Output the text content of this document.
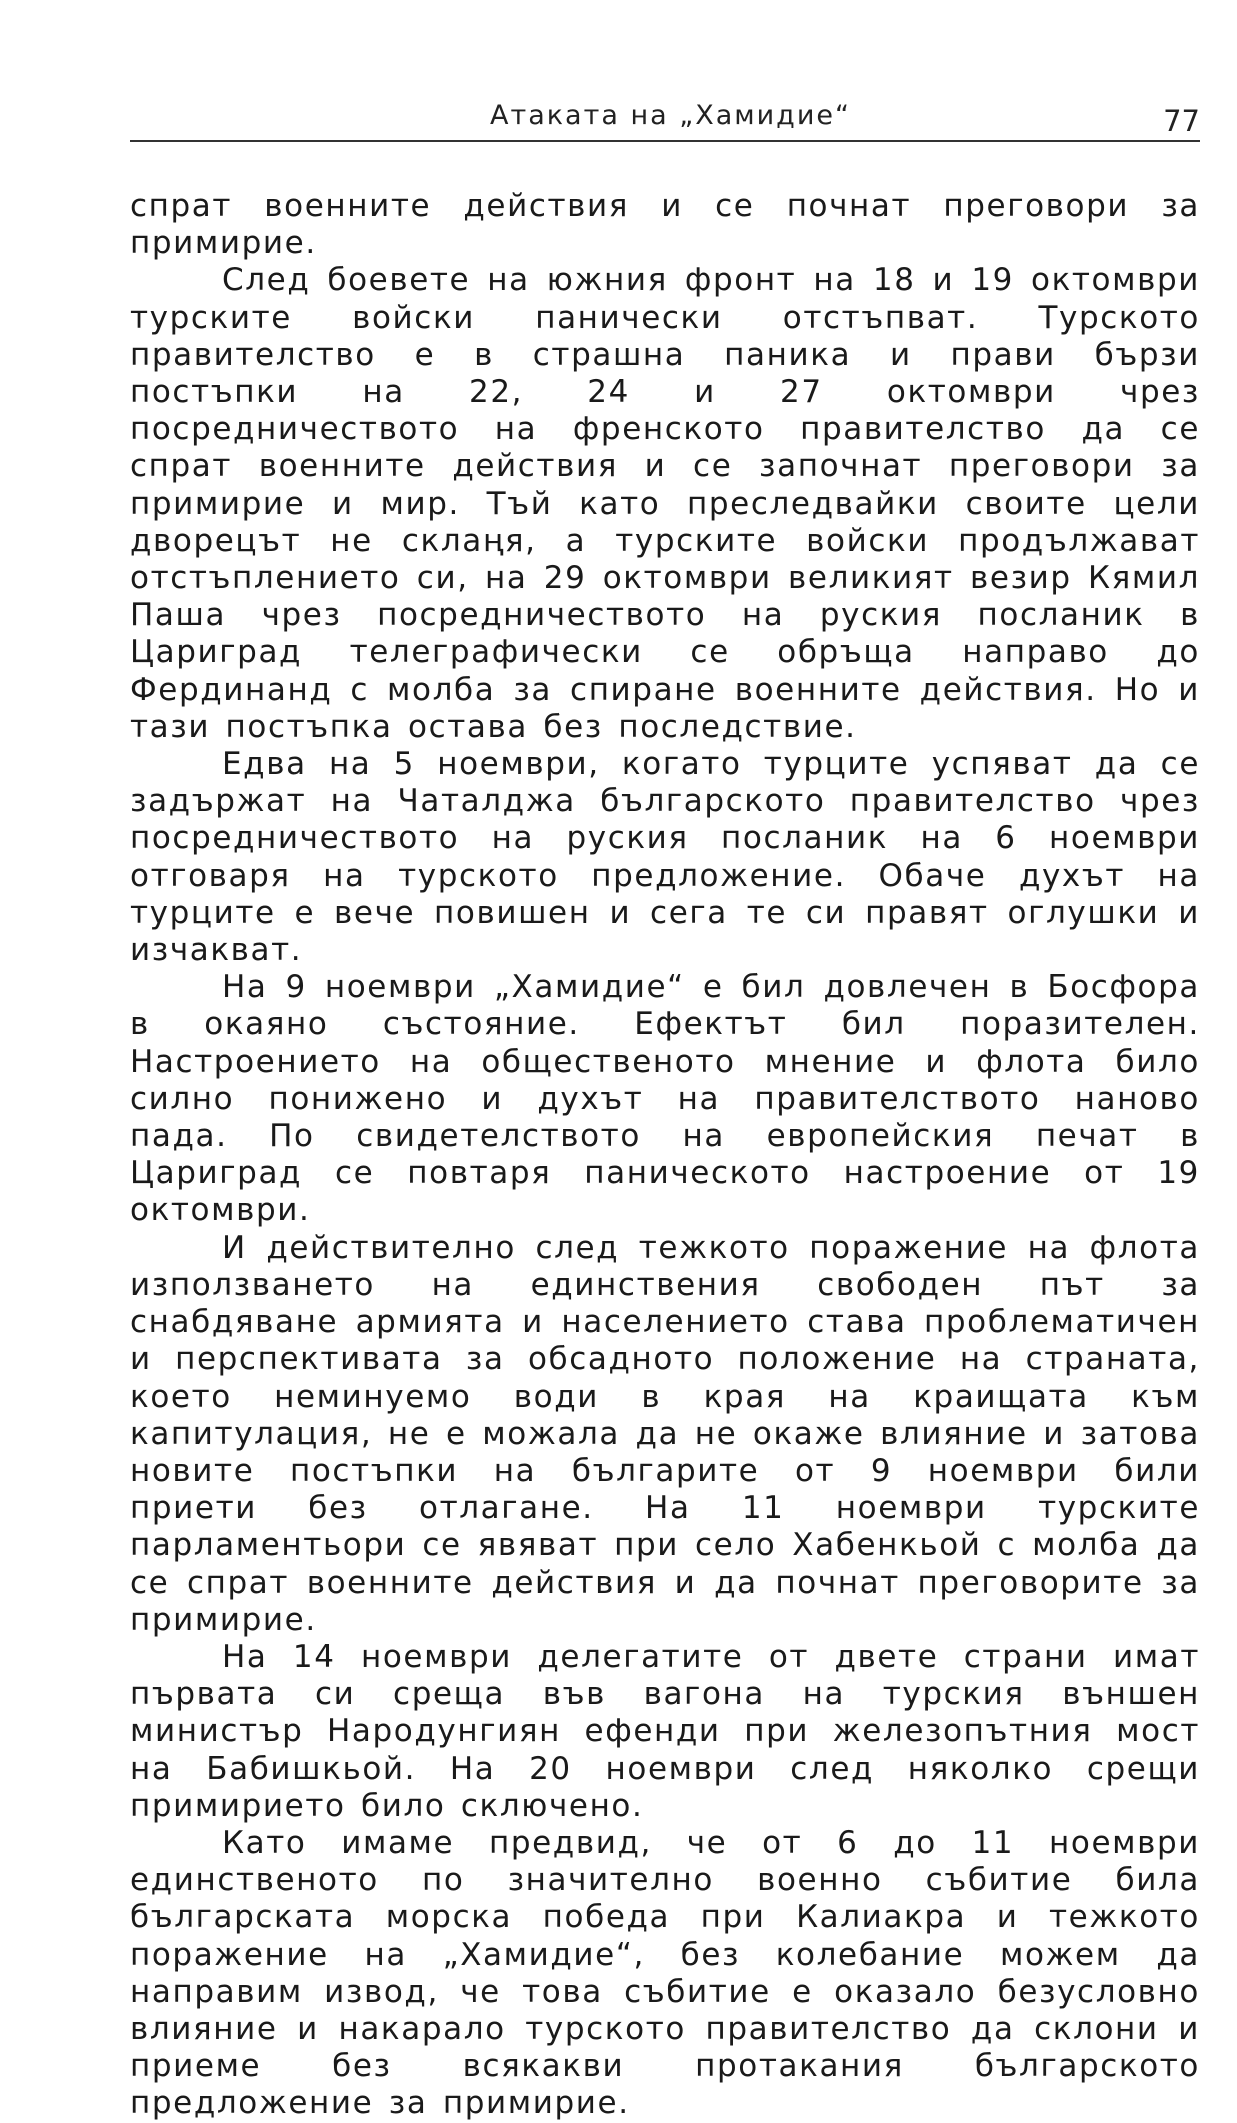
Атаката на „Хамидие“	77

спрат военните действия и се почнат преговори за примирие.

След боевете на южния фронт на 18 и 19 октомври турските войски панически отстъпват. Турското правителство е в страшна паника и прави бързи постъпки на 22, 24 и 27 октомври чрез посредничеството на френското правителство да се спрат военните действия и се започнат преговори за примирие и мир. Тъй като преследвайки своите цели дворецът не склаңя, а турските войски продължават отстъплението си, на 29 октомври великият везир Кямил Паша чрез посредничеството на руския посланик в Цариград телеграфически се обръща направо до Фердинанд с молба за спиране военните действия. Но и тази постъпка остава без последствие.

Едва на 5 ноември, когато турците успяват да се задържат на Чаталджа българското правителство чрез посредничеството на руския посланик на 6 ноември отговаря на турското предложение. Обаче духът на турците е вече повишен и сега те си правят оглушки и изчакват.

На 9 ноември „Хамидие“ е бил довлечен в Босфора в окаяно състояние. Ефектът бил поразителен. Настроението на общественото мнение и флота било силно понижено и духът на правителството наново пада. По свидетелството на европейския печат в Цариград се повтаря паническото настроение от 19 октомври.

И действително след тежкото поражение на флота използването на единствения свободен път за снабдяване армията и населението става проблематичен и перспективата за обсадното положение на страната, което неминуемо води в края на краищата към капитулация, не е можала да не окаже влияние и затова новите постъпки на българите от 9 ноември били приети без отлагане. На 11 ноември турските парламентьори се явяват при село Хабенкьой с молба да се спрат военните действия и да почнат преговорите за примирие.

На 14 ноември делегатите от двете страни имат първата си среща във вагона на турския външен министър Народунгиян ефенди при железопътния мост на Бабишкьой. На 20 ноември след няколко срещи примирието било сключено.

Като имаме предвид, че от 6 до 11 ноември единственото по значително военно събитие била българската морска победа при Калиакра и тежкото поражение на „Хамидие“, без колебание можем да направим извод, че това събитие е оказало безусловно влияние и накарало турското правителство да склони и приеме без всякакви протакания българското предложение за примирие.
